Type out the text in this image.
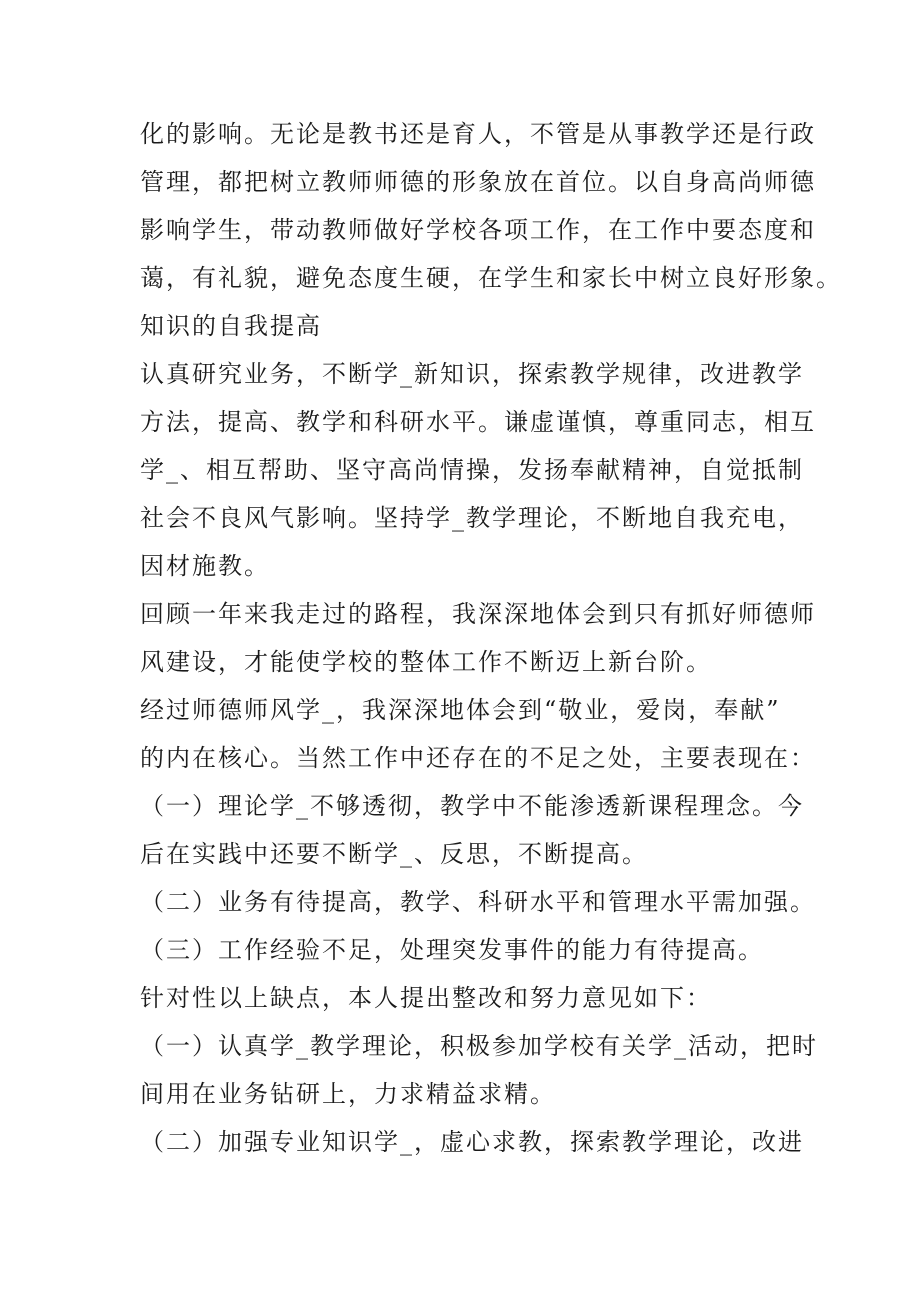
化的影响。无论是教书还是育人，不管是从事教学还是行政
管理，都把树立教师师德的形象放在首位。以自身高尚师德
影响学生，带动教师做好学校各项工作，在工作中要态度和
蔼，有礼貌，避免态度生硬，在学生和家长中树立良好形象。
知识的自我提高
认真研究业务，不断学_新知识，探索教学规律，改进教学
方法，提高、教学和科研水平。谦虚谨慎，尊重同志，相互
学_、相互帮助、坚守高尚情操，发扬奉献精神，自觉抵制
社会不良风气影响。坚持学_教学理论，不断地自我充电，
因材施教。
回顾一年来我走过的路程，我深深地体会到只有抓好师德师
风建设，才能使学校的整体工作不断迈上新台阶。
经过师德师风学_，我深深地体会到“敬业，爱岗，奉献”
的内在核心。当然工作中还存在的不足之处，主要表现在：
（一）理论学_不够透彻，教学中不能渗透新课程理念。今
后在实践中还要不断学_、反思，不断提高。
（二）业务有待提高，教学、科研水平和管理水平需加强。
（三）工作经验不足，处理突发事件的能力有待提高。
针对性以上缺点，本人提出整改和努力意见如下：
（一）认真学_教学理论，积极参加学校有关学_活动，把时
间用在业务钻研上，力求精益求精。
（二）加强专业知识学_，虚心求教，探索教学理论，改进
